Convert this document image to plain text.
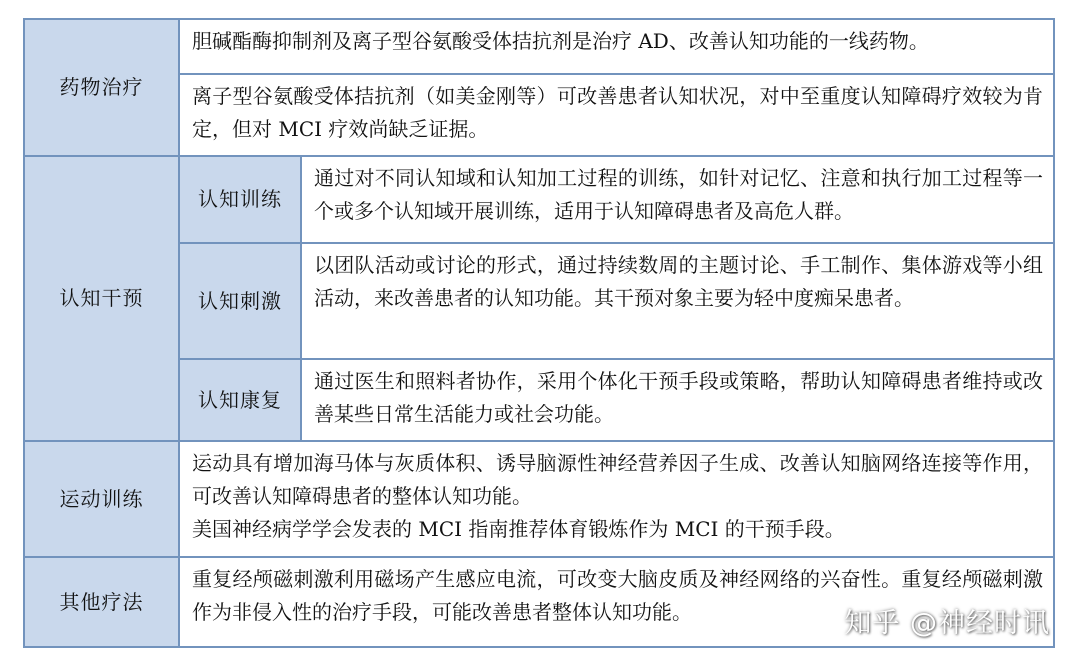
药物治疗
胆碱酯酶抑制剂及离子型谷氨酸受体拮抗剂是治疗 AD、改善认知功能的一线药物。
离子型谷氨酸受体拮抗剂（如美金刚等）可改善患者认知状况，对中至重度认知障碍疗效较为肯定，但对 MCI 疗效尚缺乏证据。
认知干预
认知训练
通过对不同认知域和认知加工过程的训练，如针对记忆、注意和执行加工过程等一个或多个认知域开展训练，适用于认知障碍患者及高危人群。
认知刺激
以团队活动或讨论的形式，通过持续数周的主题讨论、手工制作、集体游戏等小组活动，来改善患者的认知功能。其干预对象主要为轻中度痴呆患者。
认知康复
通过医生和照料者协作，采用个体化干预手段或策略，帮助认知障碍患者维持或改善某些日常生活能力或社会功能。
运动训练
运动具有增加海马体与灰质体积、诱导脑源性神经营养因子生成、改善认知脑网络连接等作用，可改善认知障碍患者的整体认知功能。
美国神经病学学会发表的 MCI 指南推荐体育锻炼作为 MCI 的干预手段。
其他疗法
重复经颅磁刺激利用磁场产生感应电流，可改变大脑皮质及神经网络的兴奋性。重复经颅磁刺激作为非侵入性的治疗手段，可能改善患者整体认知功能。	知乎 @神经时讯
